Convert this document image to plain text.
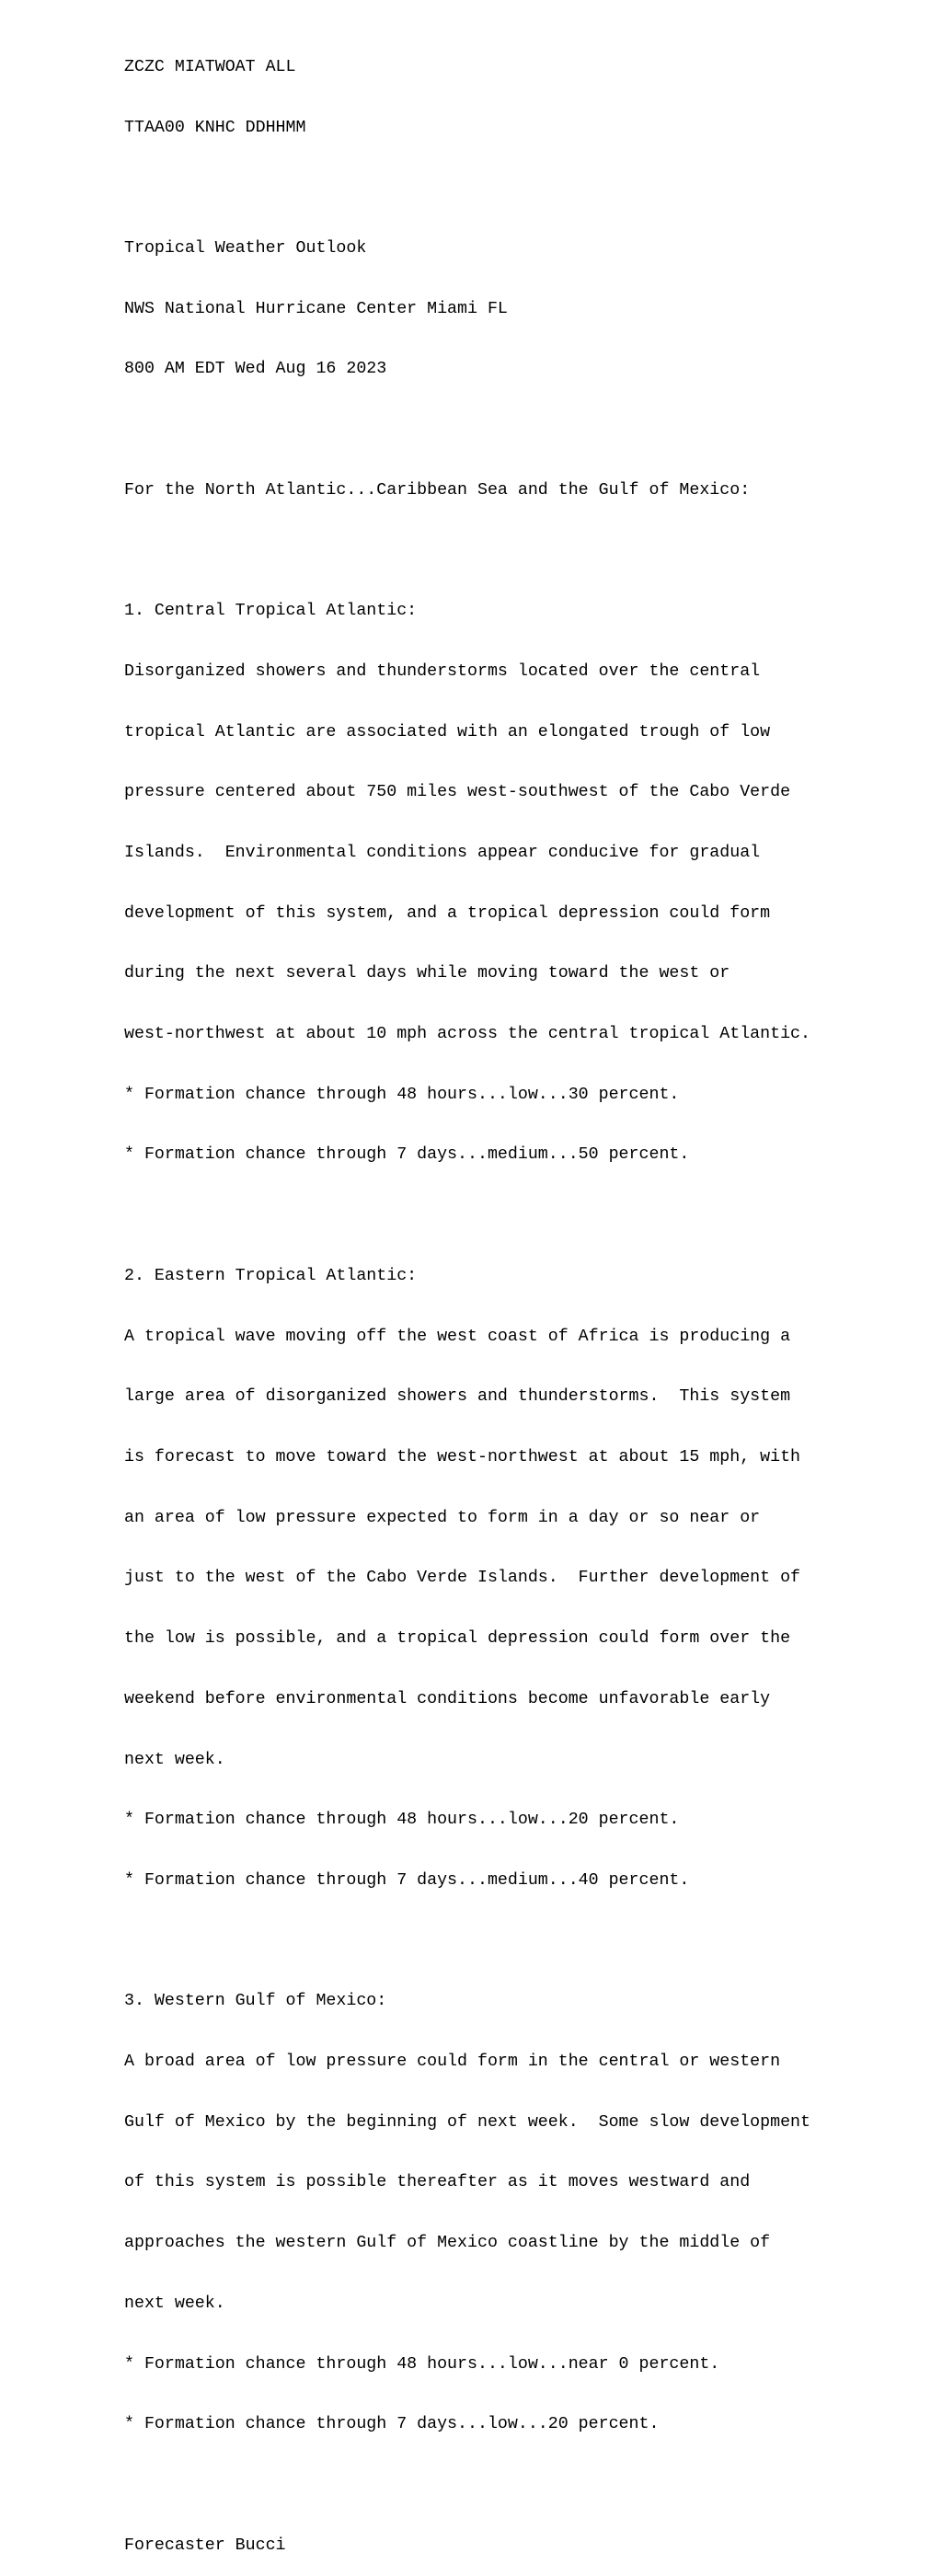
ZCZC MIATWOAT ALL

TTAA00 KNHC DDHHMM

Tropical Weather Outlook

NWS National Hurricane Center Miami FL

800 AM EDT Wed Aug 16 2023

For the North Atlantic...Caribbean Sea and the Gulf of Mexico:

1. Central Tropical Atlantic:

Disorganized showers and thunderstorms located over the central

tropical Atlantic are associated with an elongated trough of low

pressure centered about 750 miles west-southwest of the Cabo Verde

Islands.  Environmental conditions appear conducive for gradual

development of this system, and a tropical depression could form

during the next several days while moving toward the west or

west-northwest at about 10 mph across the central tropical Atlantic.

* Formation chance through 48 hours...low...30 percent.

* Formation chance through 7 days...medium...50 percent.

2. Eastern Tropical Atlantic:

A tropical wave moving off the west coast of Africa is producing a

large area of disorganized showers and thunderstorms.  This system

is forecast to move toward the west-northwest at about 15 mph, with

an area of low pressure expected to form in a day or so near or

just to the west of the Cabo Verde Islands.  Further development of

the low is possible, and a tropical depression could form over the

weekend before environmental conditions become unfavorable early

next week.

* Formation chance through 48 hours...low...20 percent.

* Formation chance through 7 days...medium...40 percent.

3. Western Gulf of Mexico:

A broad area of low pressure could form in the central or western

Gulf of Mexico by the beginning of next week.  Some slow development

of this system is possible thereafter as it moves westward and

approaches the western Gulf of Mexico coastline by the middle of

next week.

* Formation chance through 48 hours...low...near 0 percent.

* Formation chance through 7 days...low...20 percent.

Forecaster Bucci
